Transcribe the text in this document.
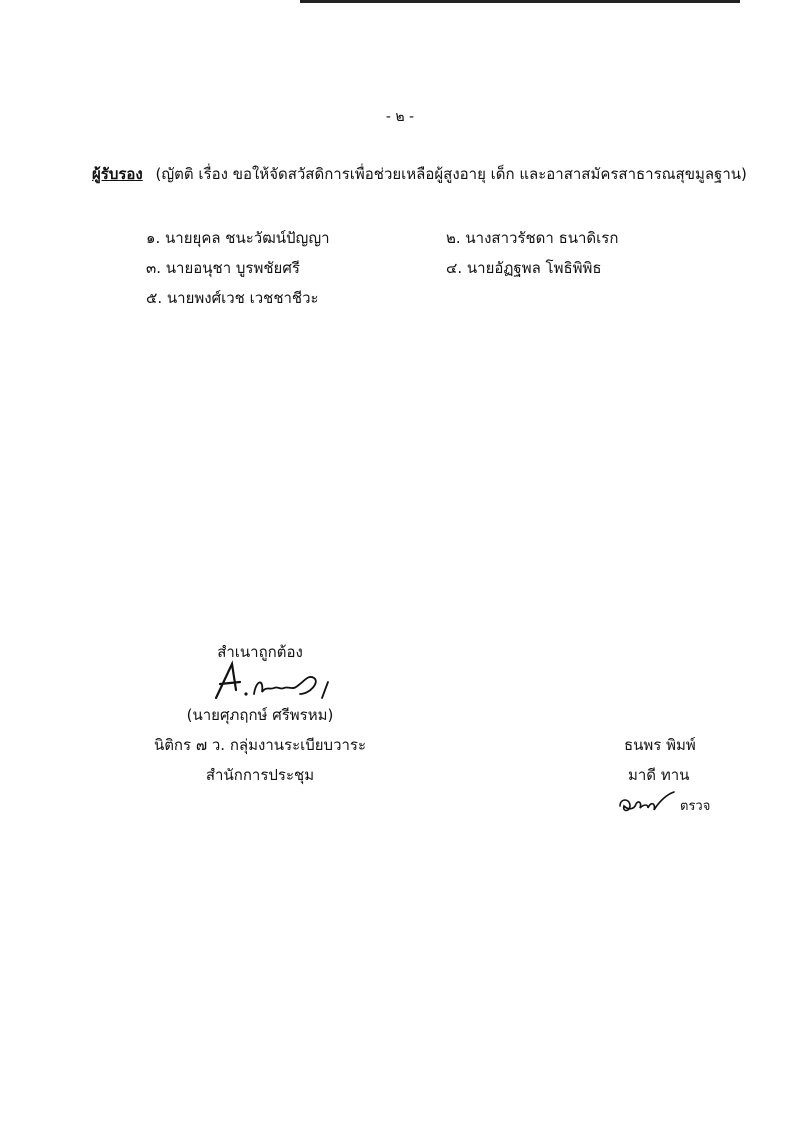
- ๒ -
ผู้รับรอง (ญัตติ เรื่อง ขอให้จัดสวัสดิการเพื่อช่วยเหลือผู้สูงอายุ เด็ก และอาสาสมัครสาธารณสุขมูลฐาน)
๑. นายยุคล ชนะวัฒน์ปัญญา	๒. นางสาวรัชดา ธนาดิเรก
๓. นายอนุชา บูรพชัยศรี	๔. นายอัฏฐพล โพธิพิพิธ
๕. นายพงศ์เวช เวชชาชีวะ
สำเนาถูกต้อง
(นายศุภฤกษ์ ศรีพรหม)
นิติกร ๗ ว. กลุ่มงานระเบียบวาระ
สำนักการประชุม
ธนพร พิมพ์
มาดี ทาน
ตรวจ
